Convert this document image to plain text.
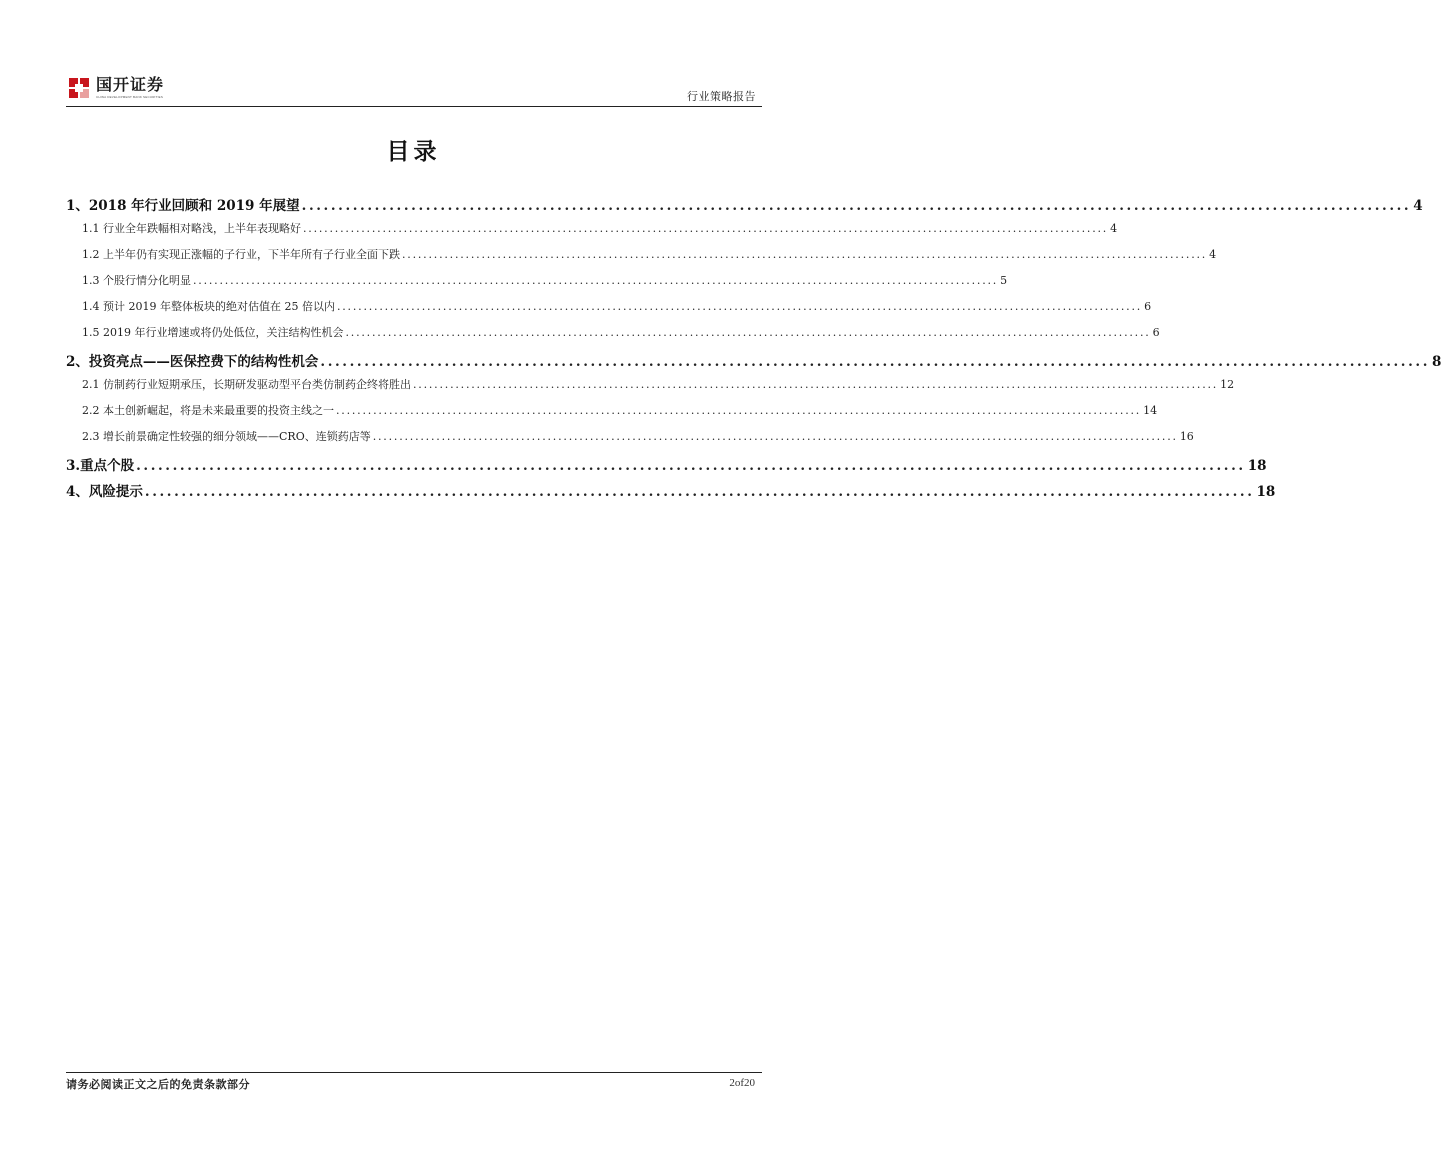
国开证券
CHINA DEVELOPMENT BANK SECURITIES	行业策略报告
目录
1、2018 年行业回顾和 2019 年展望 ........................................................................................................................................................ 4
1.1 行业全年跌幅相对略浅，上半年表现略好 ........................................................................................................................................................ 4
1.2 上半年仍有实现正涨幅的子行业，下半年所有子行业全面下跌 ........................................................................................................................................................ 4
1.3 个股行情分化明显 ........................................................................................................................................................ 5
1.4 预计 2019 年整体板块的绝对估值在 25 倍以内 ........................................................................................................................................................ 6
1.5 2019 年行业增速或将仍处低位，关注结构性机会 ........................................................................................................................................................ 6
2、投资亮点——医保控费下的结构性机会 ........................................................................................................................................................ 8
2.1 仿制药行业短期承压，长期研发驱动型平台类仿制药企终将胜出 ........................................................................................................................................................ 12
2.2 本土创新崛起，将是未来最重要的投资主线之一 ........................................................................................................................................................ 14
2.3 增长前景确定性较强的细分领域——CRO、连锁药店等 ........................................................................................................................................................ 16
3.重点个股 ........................................................................................................................................................ 18
4、风险提示 ........................................................................................................................................................ 18
请务必阅读正文之后的免责条款部分	2of20
